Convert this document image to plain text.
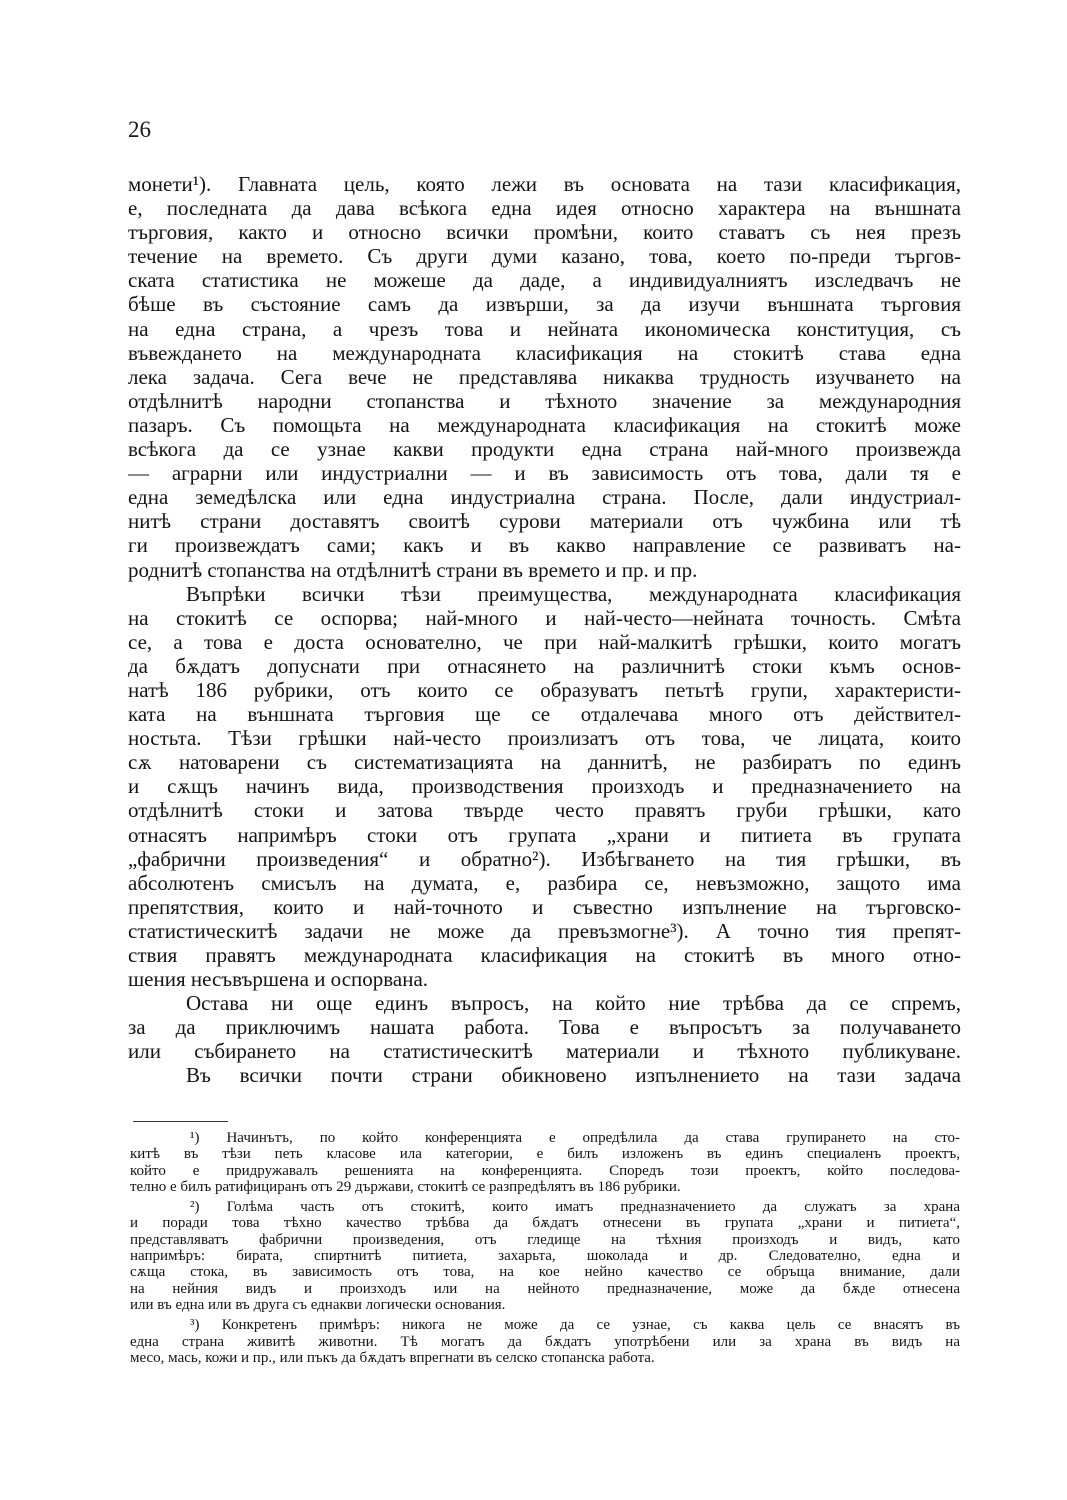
26
монети¹). Главната цель, която лежи въ основата на тази класификация,
е, последната да дава всѣкога една идея относно характера на външната
търговия, както и относно всички промѣни, които ставатъ съ нея презъ
течение на времето. Съ други думи казано, това, което по-преди търгов-
ската статистика не можеше да даде, а индивидуалниятъ изследвачъ не
бѣше въ състояние самъ да извърши, за да изучи външната търговия
на една страна, а чрезъ това и нейната икономическа конституция, съ
въвеждането на международната класификация на стокитѣ става една
лека задача. Сега вече не представлява никаква трудность изучването на
отдѣлнитѣ народни стопанства и тѣхното значение за международния
пазаръ. Съ помощьта на международната класификация на стокитѣ може
всѣкога да се узнае какви продукти една страна най-много произвежда
— аграрни или индустриални — и въ зависимость отъ това, дали тя е
една земедѣлска или една индустриална страна. После, дали индустриал-
нитѣ страни доставятъ своитѣ сурови материали отъ чужбина или тѣ
ги произвеждатъ сами; какъ и въ какво направление се развиватъ на-
роднитѣ стопанства на отдѣлнитѣ страни въ времето и пр. и пр.
Въпрѣки всички тѣзи преимущества, международната класификация
на стокитѣ се оспорва; най-много и най-често—нейната точность. Смѣта
се, а това е доста основателно, че при най-малкитѣ грѣшки, които могатъ
да бѫдатъ допуснати при отнасянето на различнитѣ стоки къмъ основ-
натѣ 186 рубрики, отъ които се образуватъ петьтѣ групи, характеристи-
ката на външната търговия ще се отдалечава много отъ действител-
ностьта. Тѣзи грѣшки най-често произлизатъ отъ това, че лицата, които
сѫ натоварени съ систематизацията на даннитѣ, не разбиратъ по единъ
и сѫщъ начинъ вида, производствения произходъ и предназначението на
отдѣлнитѣ стоки и затова твърде често правятъ груби грѣшки, като
отнасятъ напримѣръ стоки отъ групата „храни и питиета въ групата
„фабрични произведения“ и обратно²). Избѣгването на тия грѣшки, въ
абсолютенъ смисълъ на думата, е, разбира се, невъзможно, защото има
препятствия, които и най-точното и съвестно изпълнение на търговско-
статистическитѣ задачи не може да превъзмогне³). А точно тия препят-
ствия правятъ международната класификация на стокитѣ въ много отно-
шения несъвършена и оспорвана.
Остава ни още единъ въпросъ, на който ние трѣбва да се спремъ,
за да приключимъ нашата работа. Това е въпросътъ за получаването
или събирането на статистическитѣ материали и тѣхното публикуване.
Въ всички почти страни обикновено изпълнението на тази задача
¹) Начинътъ, по който конференцията е опредѣлила да става групирането на сто-
китѣ въ тѣзи петь класове ила категории, е билъ изложенъ въ единъ специаленъ проектъ,
който е придружавалъ решенията на конференцията. Споредъ този проектъ, който последова-
телно е билъ ратифициранъ отъ 29 държави, стокитѣ се разпредѣлятъ въ 186 рубрики.
²) Голѣма часть отъ стокитѣ, които иматъ предназначението да служатъ за храна
и поради това тѣхно качество трѣбва да бѫдатъ отнесени въ групата „храни и питиета“,
представляватъ фабрични произведения, отъ гледище на тѣхния произходъ и видъ, като
напримѣръ: бирата, спиртнитѣ питиета, захарьта, шоколада и др. Следователно, една и
сѫща стока, въ зависимость отъ това, на кое нейно качество се обръща внимание, дали
на нейния видъ и произходъ или на нейното предназначение, може да бѫде отнесена
или въ една или въ друга съ еднакви логически основания.
³) Конкретенъ примѣръ: никога не може да се узнае, съ каква цель се внасятъ въ
една страна живитѣ животни. Тѣ могатъ да бѫдатъ употрѣбени или за храна въ видъ на
месо, мась, кожи и пр., или пъкъ да бѫдатъ впрегнати въ селско стопанска работа.
